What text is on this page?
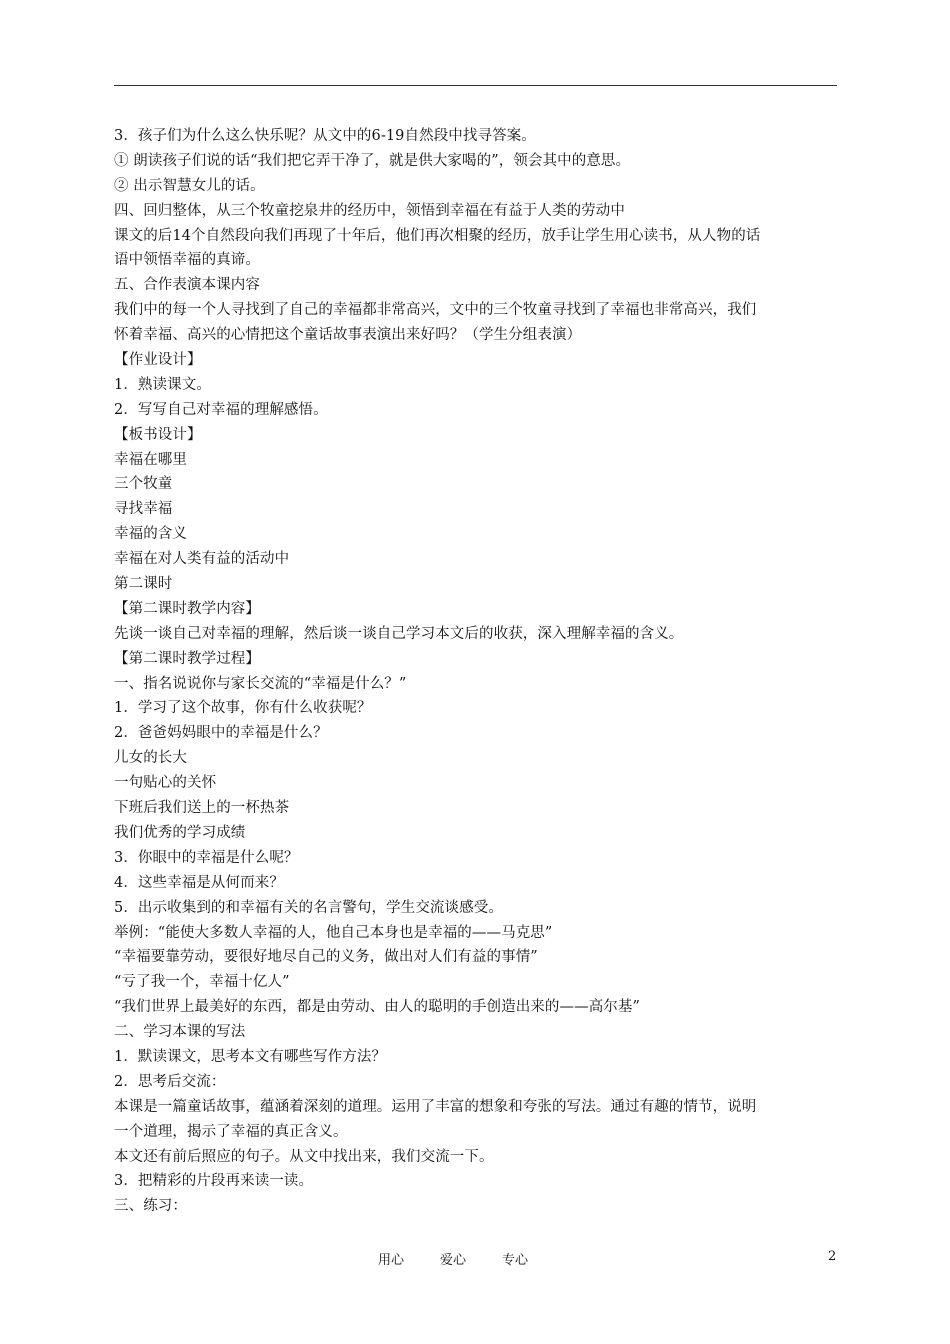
3．孩子们为什么这么快乐呢？从文中的6-19自然段中找寻答案。
① 朗读孩子们说的话“我们把它弄干净了，就是供大家喝的”，领会其中的意思。
② 出示智慧女儿的话。
四、回归整体，从三个牧童挖泉井的经历中，领悟到幸福在有益于人类的劳动中
课文的后14个自然段向我们再现了十年后，他们再次相聚的经历，放手让学生用心读书，从人物的话
语中领悟幸福的真谛。
五、合作表演本课内容
我们中的每一个人寻找到了自己的幸福都非常高兴，文中的三个牧童寻找到了幸福也非常高兴，我们
怀着幸福、高兴的心情把这个童话故事表演出来好吗？（学生分组表演）
【作业设计】
1．熟读课文。
2．写写自己对幸福的理解感悟。
【板书设计】
幸福在哪里
三个牧童
寻找幸福
幸福的含义
幸福在对人类有益的活动中
第二课时
【第二课时教学内容】
先谈一谈自己对幸福的理解，然后谈一谈自己学习本文后的收获，深入理解幸福的含义。
【第二课时教学过程】
一、指名说说你与家长交流的“幸福是什么？”
1．学习了这个故事，你有什么收获呢？
2．爸爸妈妈眼中的幸福是什么？
儿女的长大
一句贴心的关怀
下班后我们送上的一杯热茶
我们优秀的学习成绩
3．你眼中的幸福是什么呢？
4．这些幸福是从何而来？
5．出示收集到的和幸福有关的名言警句，学生交流谈感受。
举例：“能使大多数人幸福的人，他自己本身也是幸福的——马克思”
“幸福要靠劳动，要很好地尽自己的义务，做出对人们有益的事情”
“亏了我一个，幸福十亿人”
“我们世界上最美好的东西，都是由劳动、由人的聪明的手创造出来的——高尔基”
二、学习本课的写法
1．默读课文，思考本文有哪些写作方法？
2．思考后交流：
本课是一篇童话故事，蕴涵着深刻的道理。运用了丰富的想象和夸张的写法。通过有趣的情节，说明
一个道理，揭示了幸福的真正含义。
本文还有前后照应的句子。从文中找出来，我们交流一下。
3．把精彩的片段再来读一读。
三、练习：
用心	爱心	专心	2
